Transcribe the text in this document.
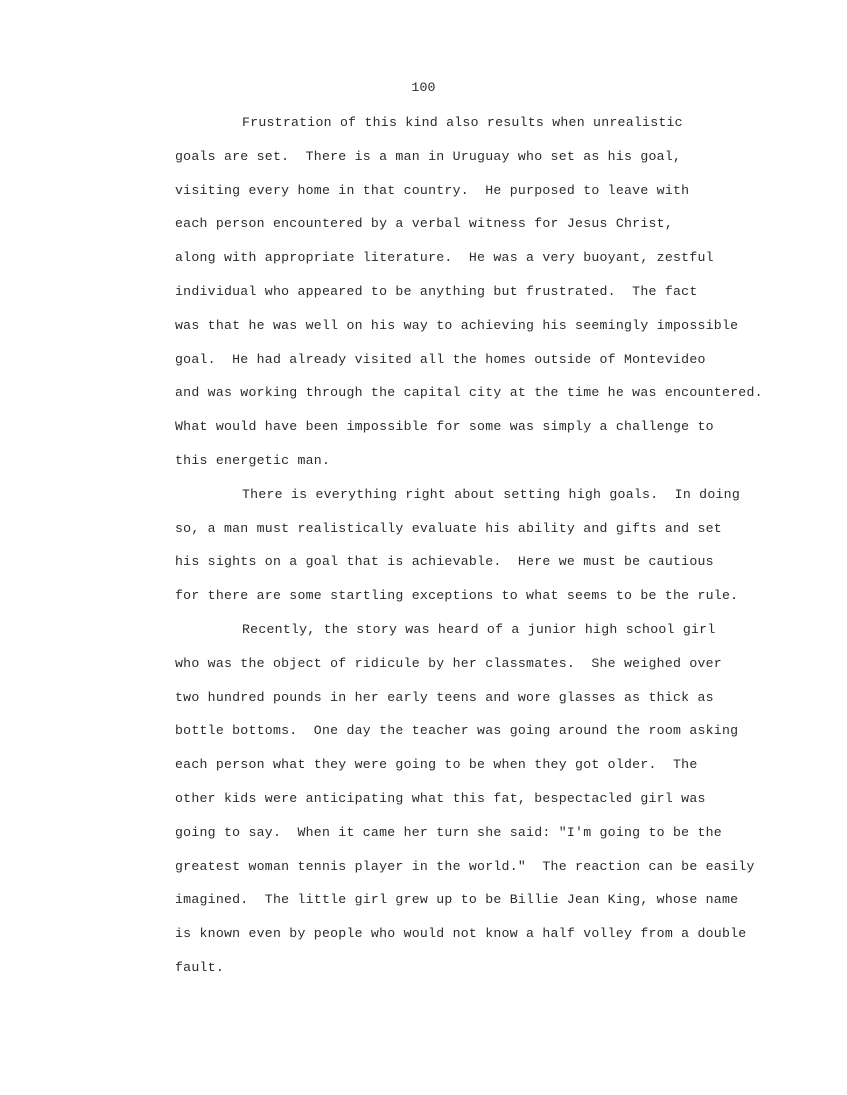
100
Frustration of this kind also results when unrealistic
goals are set.  There is a man in Uruguay who set as his goal,
visiting every home in that country.  He purposed to leave with
each person encountered by a verbal witness for Jesus Christ,
along with appropriate literature.  He was a very buoyant, zestful
individual who appeared to be anything but frustrated.  The fact
was that he was well on his way to achieving his seemingly impossible
goal.  He had already visited all the homes outside of Montevideo
and was working through the capital city at the time he was encountered.
What would have been impossible for some was simply a challenge to
this energetic man.
There is everything right about setting high goals.  In doing
so, a man must realistically evaluate his ability and gifts and set
his sights on a goal that is achievable.  Here we must be cautious
for there are some startling exceptions to what seems to be the rule.
Recently, the story was heard of a junior high school girl
who was the object of ridicule by her classmates.  She weighed over
two hundred pounds in her early teens and wore glasses as thick as
bottle bottoms.  One day the teacher was going around the room asking
each person what they were going to be when they got older.  The
other kids were anticipating what this fat, bespectacled girl was
going to say.  When it came her turn she said: "I'm going to be the
greatest woman tennis player in the world."  The reaction can be easily
imagined.  The little girl grew up to be Billie Jean King, whose name
is known even by people who would not know a half volley from a double
fault.
